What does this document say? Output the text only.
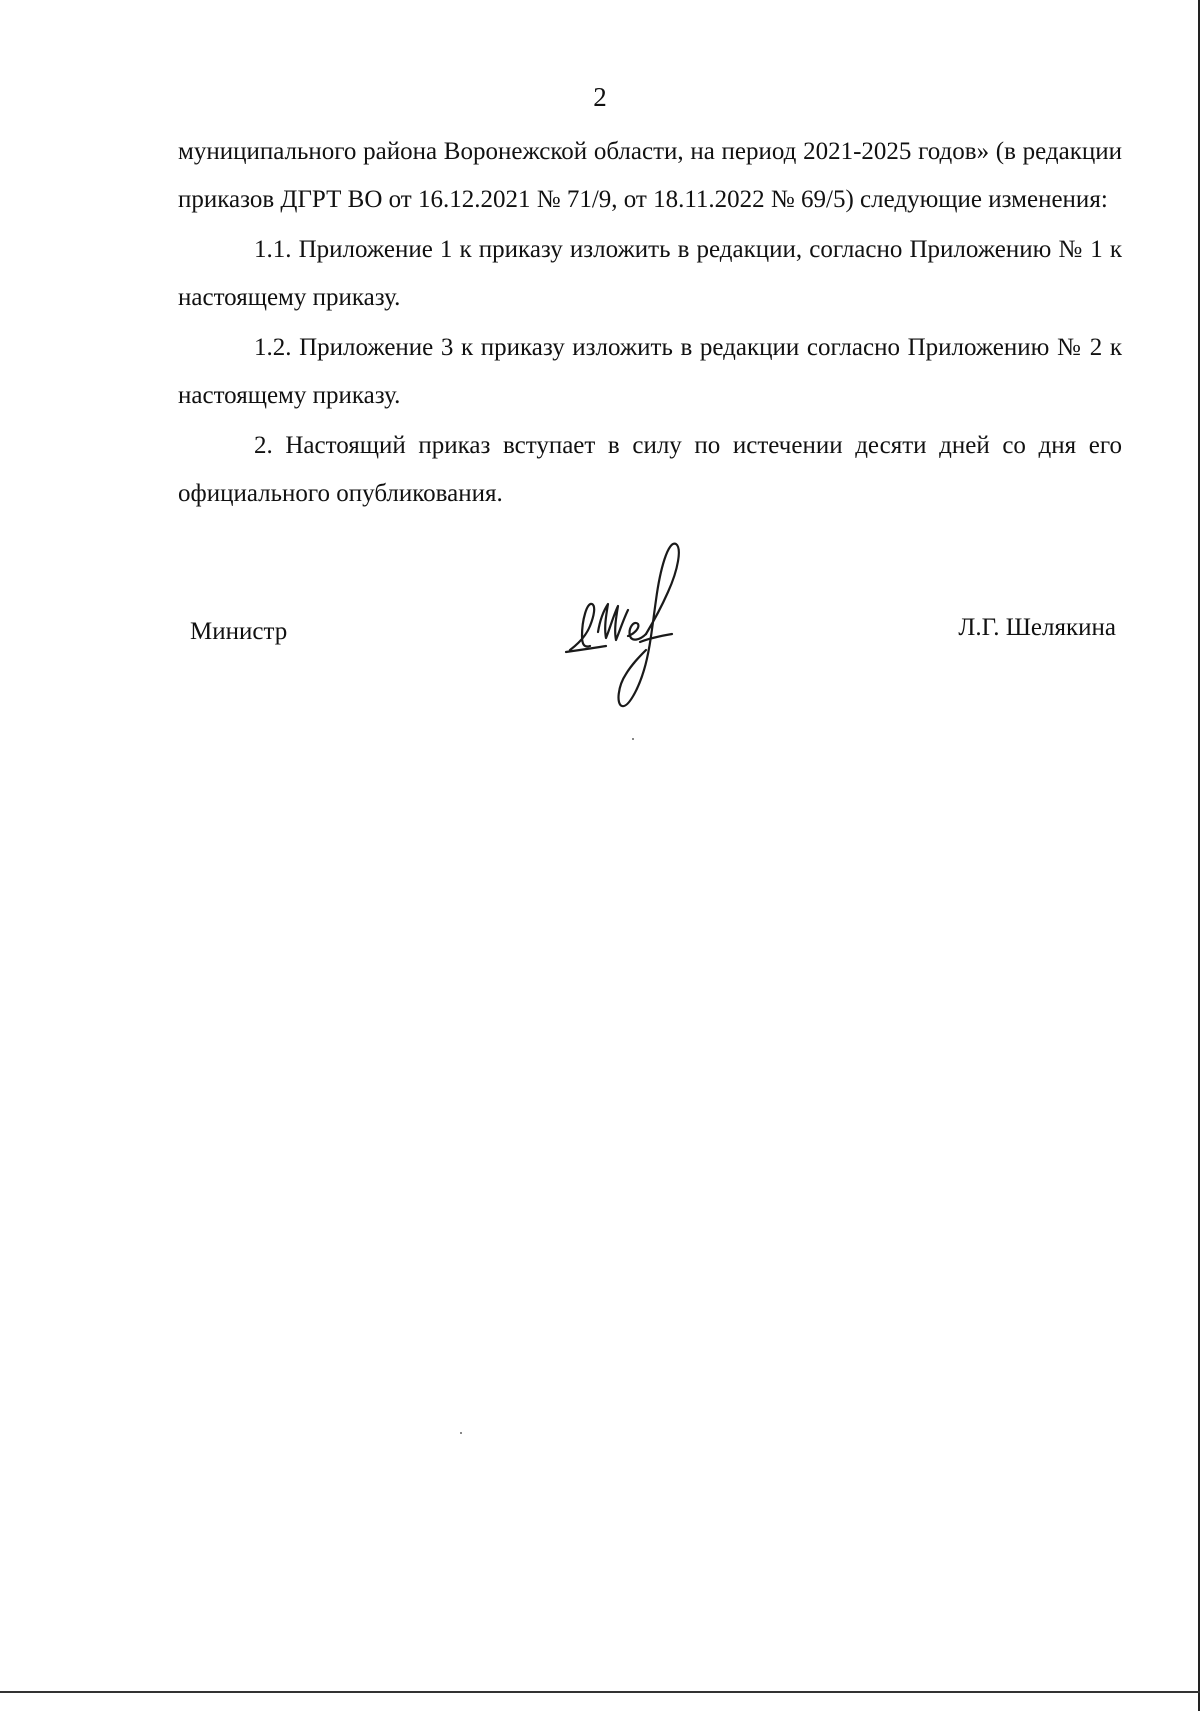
2

муниципального района Воронежской области, на период 2021-2025 годов» (в редакции приказов ДГРТ ВО от 16.12.2021 № 71/9, от 18.11.2022 № 69/5) следующие изменения:

1.1. Приложение 1 к приказу изложить в редакции, согласно Приложению № 1 к настоящему приказу.

1.2. Приложение 3 к приказу изложить в редакции согласно Приложению № 2 к настоящему приказу.

2. Настоящий приказ вступает в силу по истечении десяти дней со дня его официального опубликования.

Министр	Л.Г. Шелякина
